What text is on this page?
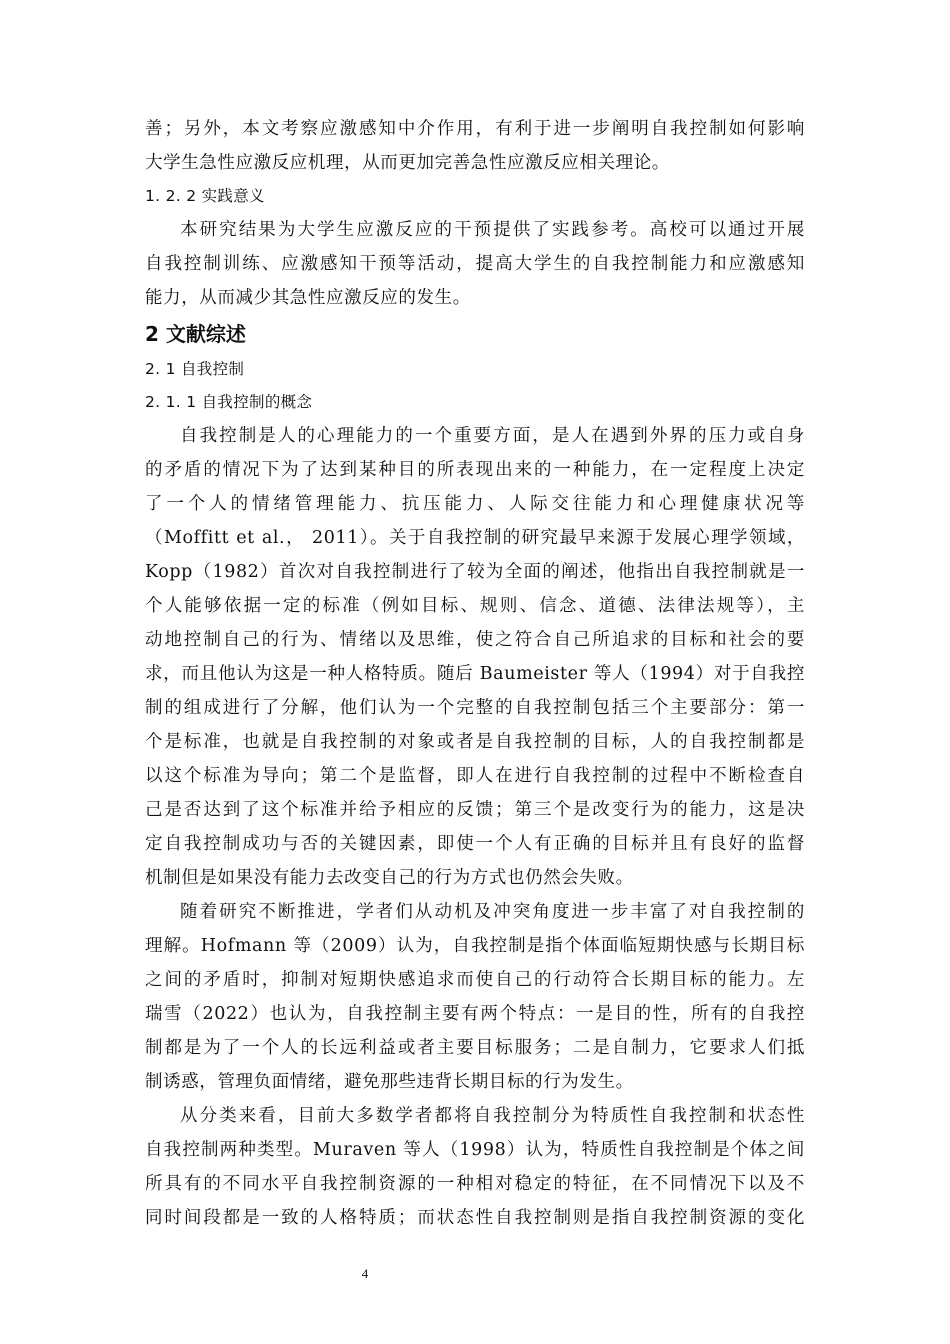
善；另外，本文考察应激感知中介作用，有利于进一步阐明自我控制如何影响
大学生急性应激反应机理，从而更加完善急性应激反应相关理论。
1. 2. 2 实践意义
本研究结果为大学生应激反应的干预提供了实践参考。高校可以通过开展
自我控制训练、应激感知干预等活动，提高大学生的自我控制能力和应激感知
能力，从而减少其急性应激反应的发生。
2 文献综述
2. 1 自我控制
2. 1. 1 自我控制的概念
自我控制是人的心理能力的一个重要方面，是人在遇到外界的压力或自身
的矛盾的情况下为了达到某种目的所表现出来的一种能力，在一定程度上决定
了一个人的情绪管理能力、抗压能力、人际交往能力和心理健康状况等
（Moffitt et al.， 2011）。关于自我控制的研究最早来源于发展心理学领域，
Kopp（1982）首次对自我控制进行了较为全面的阐述，他指出自我控制就是一
个人能够依据一定的标准（例如目标、规则、信念、道德、法律法规等），主
动地控制自己的行为、情绪以及思维，使之符合自己所追求的目标和社会的要
求，而且他认为这是一种人格特质。随后 Baumeister 等人（1994）对于自我控
制的组成进行了分解，他们认为一个完整的自我控制包括三个主要部分：第一
个是标准，也就是自我控制的对象或者是自我控制的目标，人的自我控制都是
以这个标准为导向；第二个是监督，即人在进行自我控制的过程中不断检查自
己是否达到了这个标准并给予相应的反馈；第三个是改变行为的能力，这是决
定自我控制成功与否的关键因素，即使一个人有正确的目标并且有良好的监督
机制但是如果没有能力去改变自己的行为方式也仍然会失败。
随着研究不断推进，学者们从动机及冲突角度进一步丰富了对自我控制的
理解。Hofmann 等（2009）认为，自我控制是指个体面临短期快感与长期目标
之间的矛盾时，抑制对短期快感追求而使自己的行动符合长期目标的能力。左
瑞雪（2022）也认为，自我控制主要有两个特点：一是目的性，所有的自我控
制都是为了一个人的长远利益或者主要目标服务；二是自制力，它要求人们抵
制诱惑，管理负面情绪，避免那些违背长期目标的行为发生。
从分类来看，目前大多数学者都将自我控制分为特质性自我控制和状态性
自我控制两种类型。Muraven 等人（1998）认为，特质性自我控制是个体之间
所具有的不同水平自我控制资源的一种相对稳定的特征，在不同情况下以及不
同时间段都是一致的人格特质；而状态性自我控制则是指自我控制资源的变化
4
